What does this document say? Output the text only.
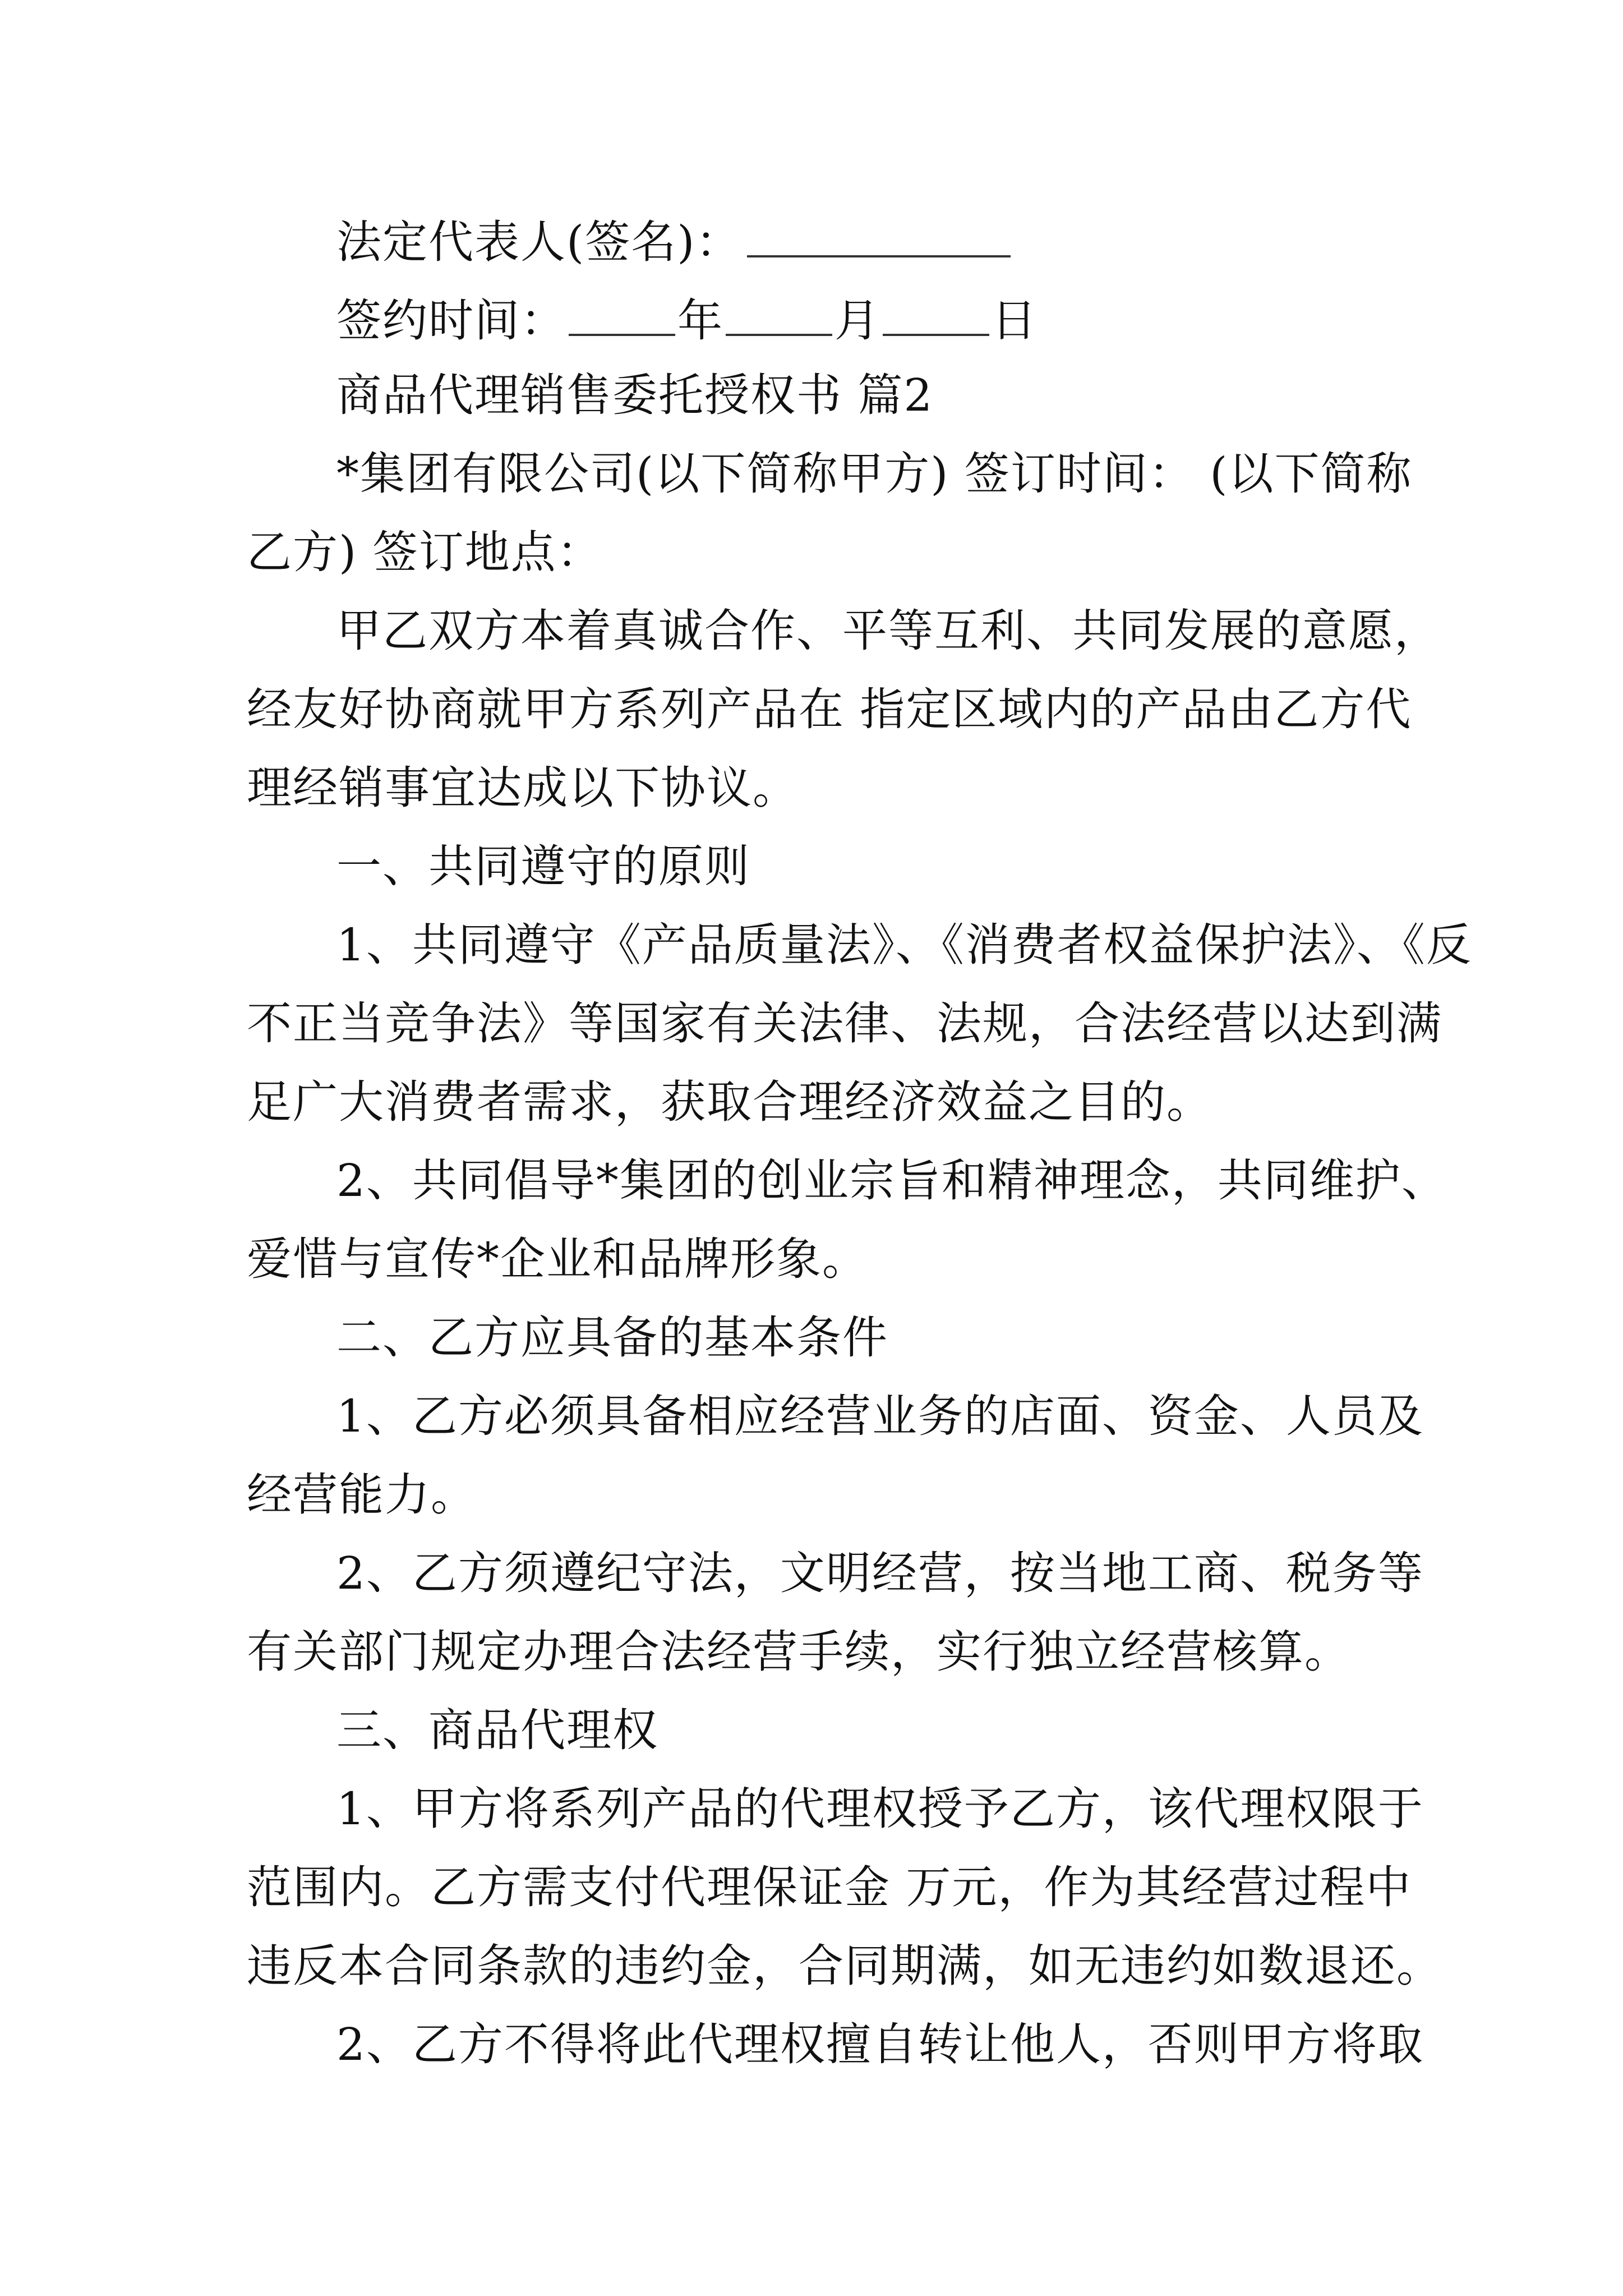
法定代表人(签名)：
签约时间： 年 月 日
商品代理销售委托授权书 篇2
*集团有限公司(以下简称甲方) 签订时间： (以下简称
乙方) 签订地点：
甲乙双方本着真诚合作、平等互利、共同发展的意愿，
经友好协商就甲方系列产品在 指定区域内的产品由乙方代
理经销事宜达成以下协议。
一、共同遵守的原则
1、共同遵守《产品质量法》、《消费者权益保护法》、《反
不正当竞争法》等国家有关法律、法规，合法经营以达到满
足广大消费者需求，获取合理经济效益之目的。
2、共同倡导*集团的创业宗旨和精神理念，共同维护、
爱惜与宣传*企业和品牌形象。
二、乙方应具备的基本条件
1、乙方必须具备相应经营业务的店面、资金、人员及
经营能力。
2、乙方须遵纪守法，文明经营，按当地工商、税务等
有关部门规定办理合法经营手续，实行独立经营核算。
三、商品代理权
1、甲方将系列产品的代理权授予乙方，该代理权限于
范围内。乙方需支付代理保证金 万元，作为其经营过程中
违反本合同条款的违约金，合同期满，如无违约如数退还。
2、乙方不得将此代理权擅自转让他人，否则甲方将取
